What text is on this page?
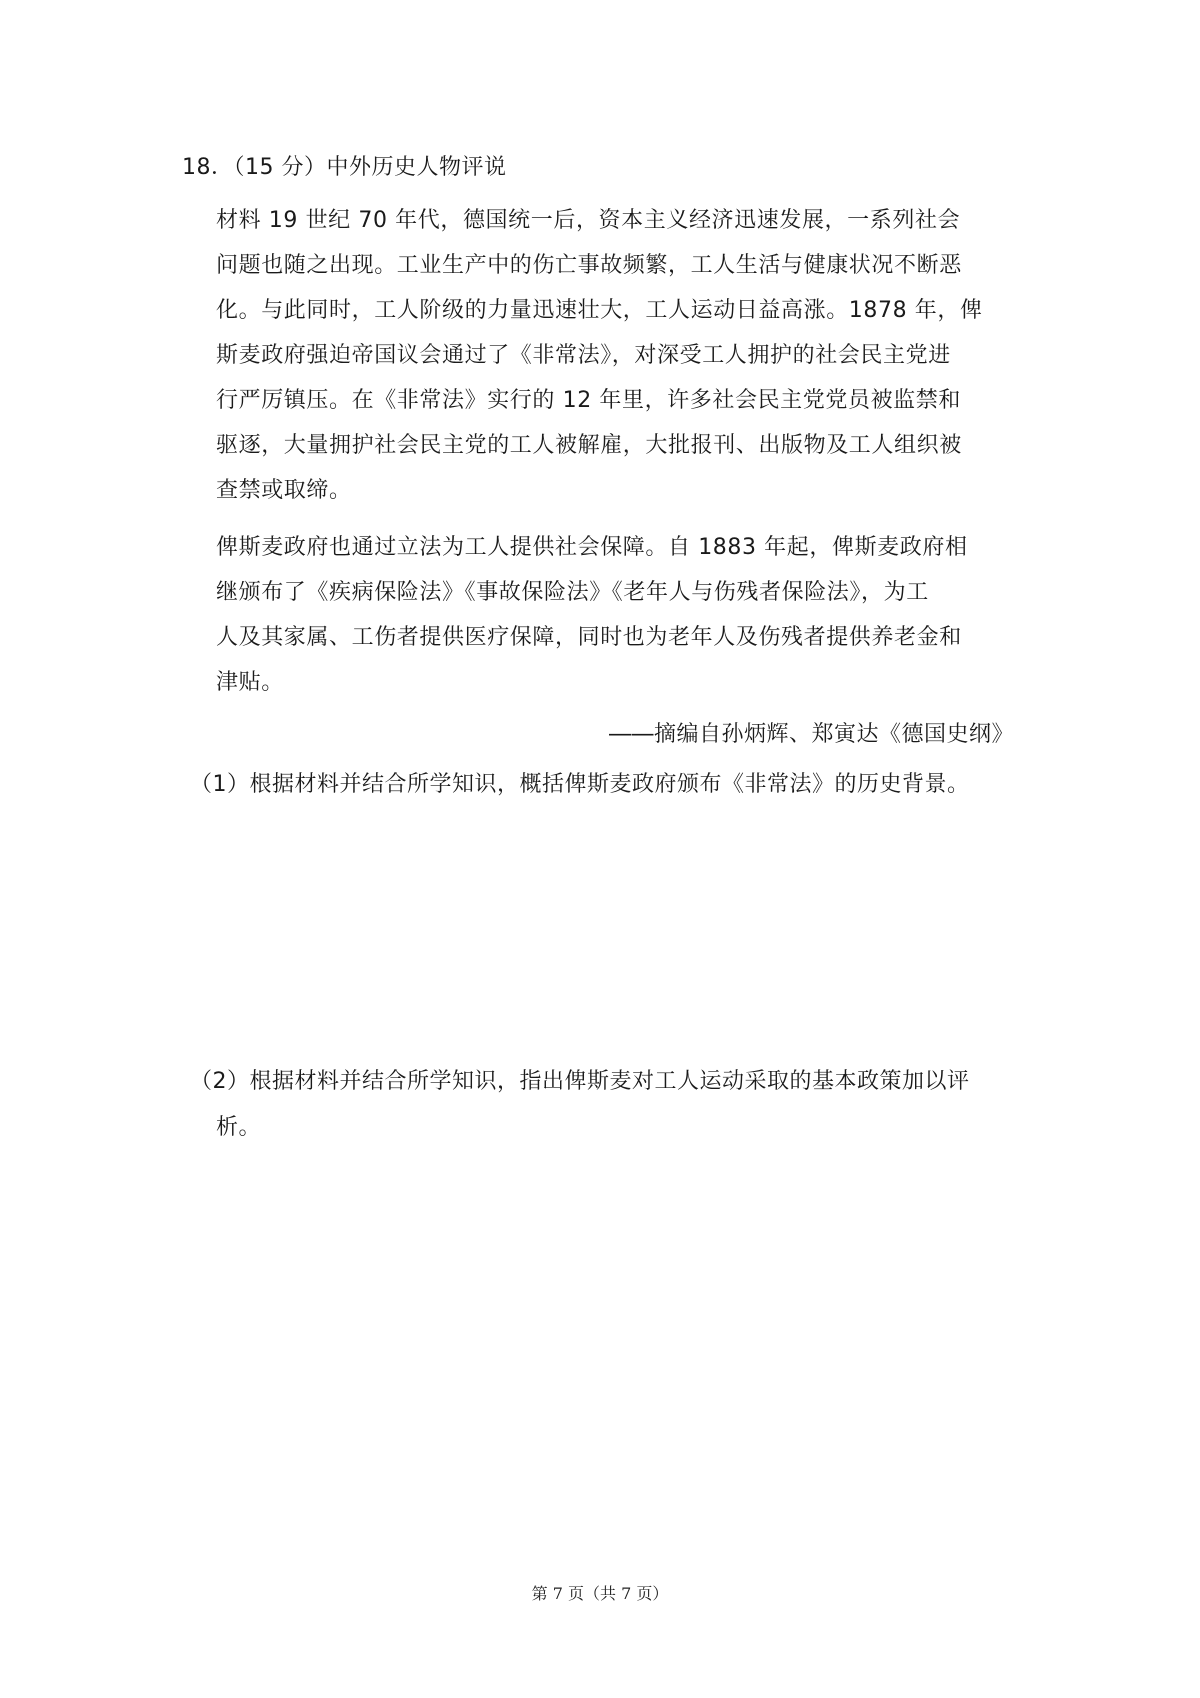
18．（15 分）中外历史人物评说
材料 19 世纪 70 年代，德国统一后，资本主义经济迅速发展，一系列社会
问题也随之出现。工业生产中的伤亡事故频繁，工人生活与健康状况不断恶
化。与此同时，工人阶级的力量迅速壮大，工人运动日益高涨。1878 年，俾
斯麦政府强迫帝国议会通过了《非常法》，对深受工人拥护的社会民主党进
行严厉镇压。在《非常法》实行的 12 年里，许多社会民主党党员被监禁和
驱逐，大量拥护社会民主党的工人被解雇，大批报刊、出版物及工人组织被
查禁或取缔。
俾斯麦政府也通过立法为工人提供社会保障。自 1883 年起，俾斯麦政府相
继颁布了《疾病保险法》《事故保险法》《老年人与伤残者保险法》，为工
人及其家属、工伤者提供医疗保障，同时也为老年人及伤残者提供养老金和
津贴。
――摘编自孙炳辉、郑寅达《德国史纲》
（1）根据材料并结合所学知识，概括俾斯麦政府颁布《非常法》的历史背景。
（2）根据材料并结合所学知识，指出俾斯麦对工人运动采取的基本政策加以评
析。
第 7 页（共 7 页）
